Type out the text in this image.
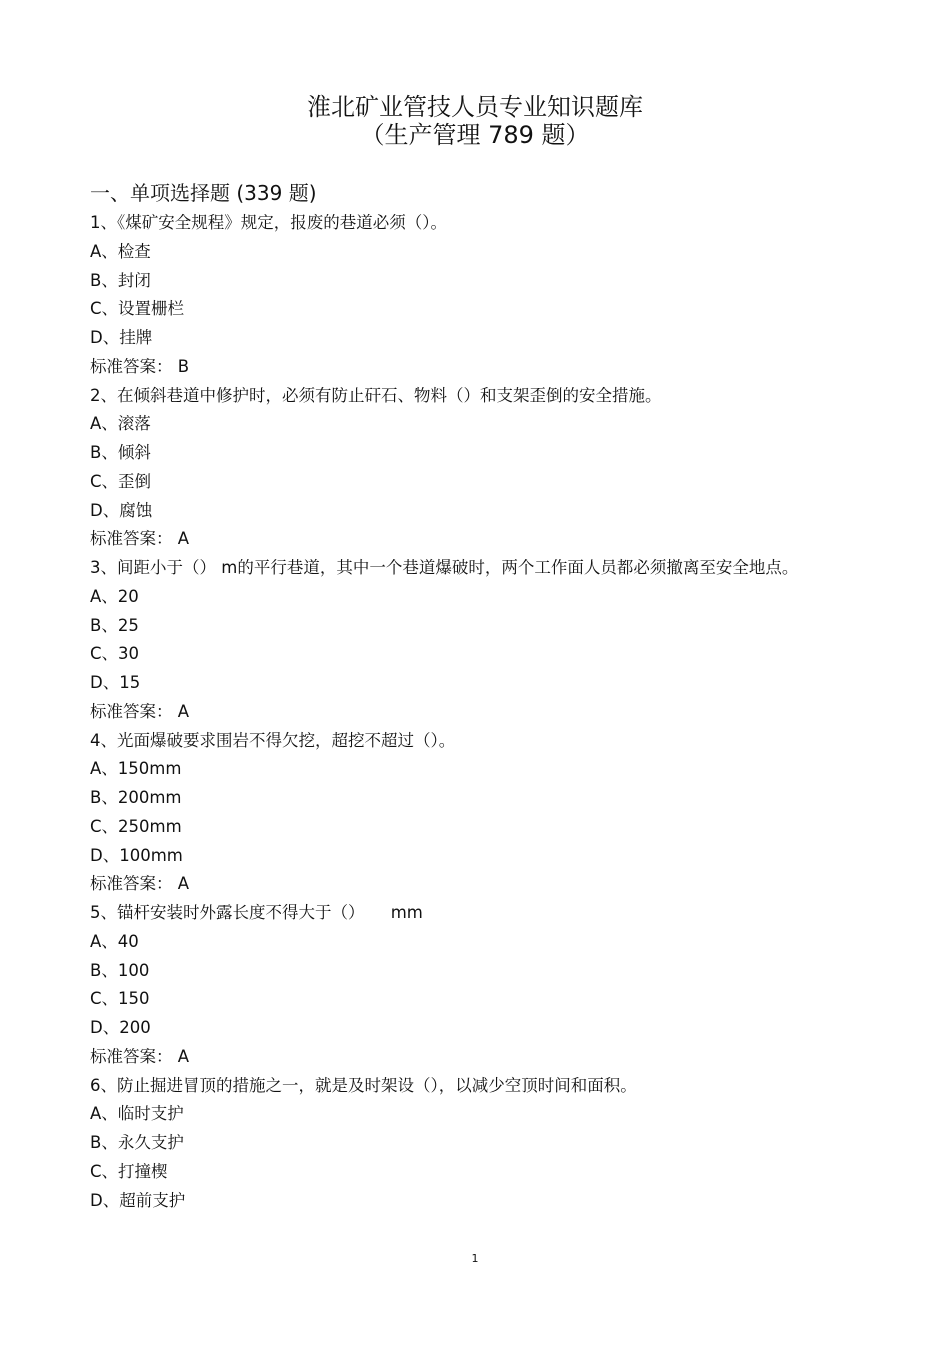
淮北矿业管技人员专业知识题库
（生产管理 789 题）
一、单项选择题 (339 题)
1、《煤矿安全规程》规定，报废的巷道必须（）。
A、检查
B、封闭
C、设置栅栏
D、挂牌
标准答案： B
2、在倾斜巷道中修护时，必须有防止矸石、物料（）和支架歪倒的安全措施。
A、滚落
B、倾斜
C、歪倒
D、腐蚀
标准答案： A
3、间距小于（） m的平行巷道，其中一个巷道爆破时，两个工作面人员都必须撤离至安全地点。
A、20
B、25
C、30
D、15
标准答案： A
4、光面爆破要求围岩不得欠挖，超挖不超过（）。
A、150mm
B、200mm
C、250mm
D、100mm
标准答案： A
5、锚杆安装时外露长度不得大于（）     mm
A、40
B、100
C、150
D、200
标准答案： A
6、防止掘进冒顶的措施之一，就是及时架设（），以减少空顶时间和面积。
A、临时支护
B、永久支护
C、打撞楔
D、超前支护
1
